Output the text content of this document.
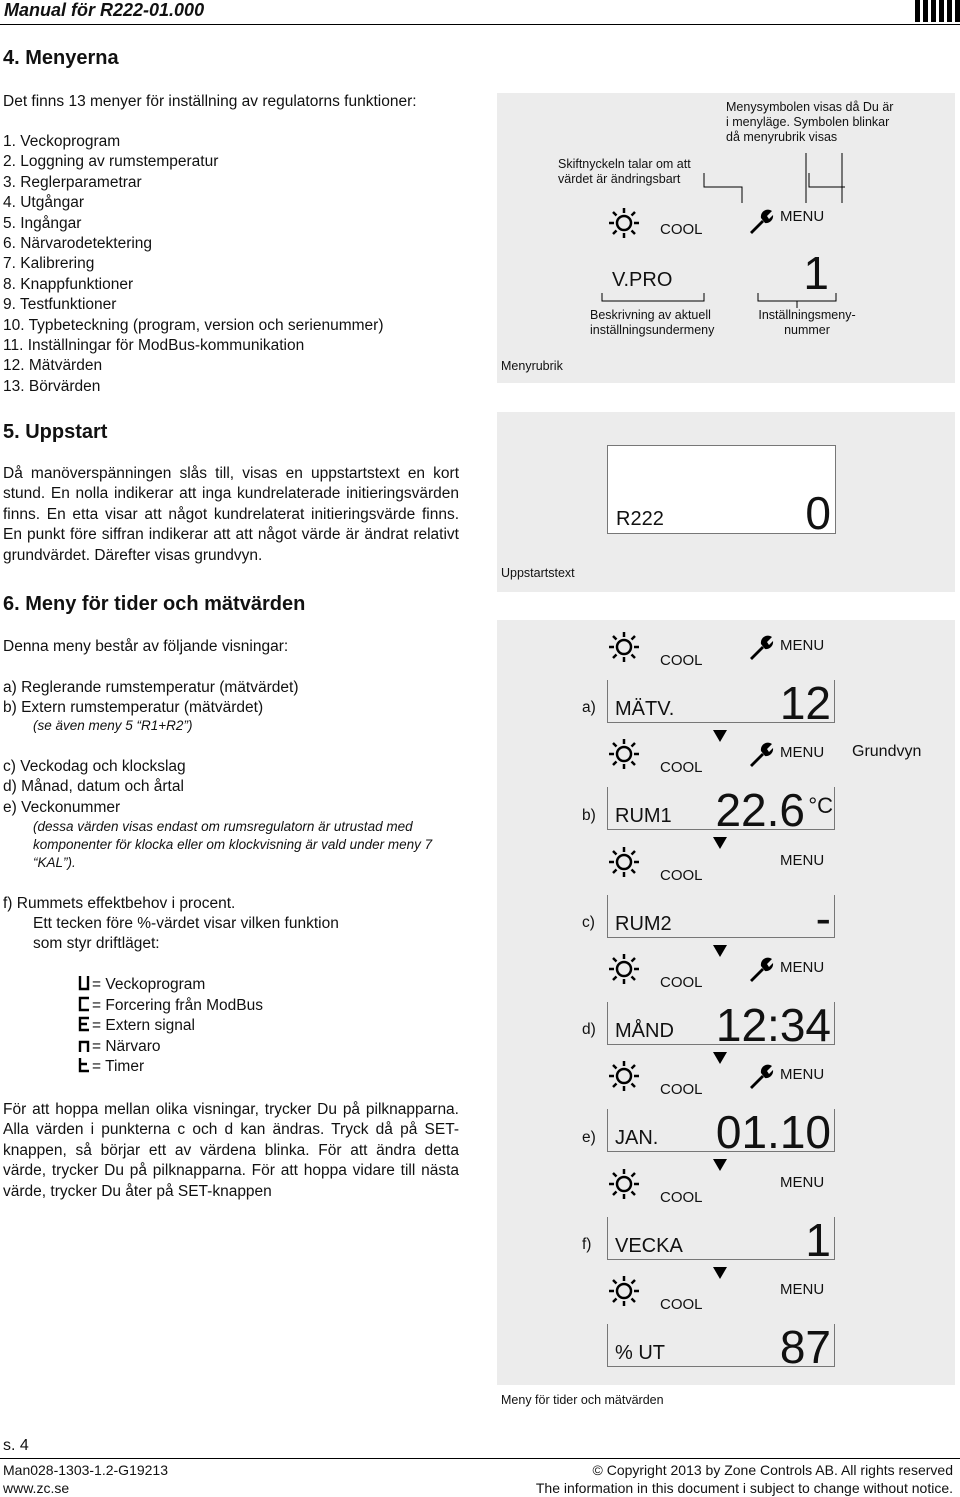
Manual för R222-01.000
4. Menyerna
Det finns 13 menyer för inställning av regulatorns funktioner:
1. Veckoprogram
2. Loggning av rumstemperatur
3. Reglerparametrar
4. Utgångar
5. Ingångar
6. Närvarodetektering
7. Kalibrering
8. Knappfunktioner
9. Testfunktioner
10. Typbeteckning (program, version och serienummer)
11. Inställningar för ModBus-kommunikation
12. Mätvärden
13. Börvärden
Menyrubrik
Skiftnyckeln talar om att värdet är ändringsbart
Menysymbolen visas då Du är i menyläge. Symbolen blinkar då menyrubrik visas
Beskrivning av aktuell inställningsundermeny
Inställningsmeny-nummer
COOL
MENU
V.PRO	1
5. Uppstart
Då manöverspänningen slås till, visas en uppstartstext en kort stund. En nolla indikerar att inga kundrelaterade initieringsvärden finns. En etta visar att något kundrelaterat initieringsvärde finns. En punkt före siffran indikerar att att något värde är ändrat relativt grundvärdet. Därefter visas grundvyn.
Uppstartstext
R222	0
6. Meny för tider och mätvärden
Denna meny består av följande visningar:
a) Reglerande rumstemperatur (mätvärdet)
b) Extern rumstemperatur (mätvärdet)
(se även meny 5 “R1+R2”)
c) Veckodag och klockslag
d) Månad, datum och årtal
e) Veckonummer
(dessa värden visas endast om rumsregulatorn är utrustad med komponenter för klocka eller om klockvisning är vald under meny 7 “KAL”).
f) Rummets effektbehov i procent.
Ett tecken före %-värdet visar vilken funktion
som styr driftläget:
= Veckoprogram
= Forcering från ModBus
= Extern signal
= Närvaro
= Timer
För att hoppa mellan olika visningar, trycker Du på pilknapparna. Alla värden i punkterna c och d kan ändras. Tryck då på SET-knappen, så börjar ett av värdena blinka. För att ändra detta värde, trycker Du på pilknapparna. För att hoppa vidare till nästa värde, trycker Du åter på SET-knappen
Grundvyn
Meny för tider och mätvärden
COOL
MENU
MÄTV. 12
COOL
MENU
RUM1 22.6 °C
a)
COOL
MENU
RUM2	-
b)
COOL
MENU
MÅND 12:34
c)
COOL
MENU
JAN. 01.10
d)
COOL
MENU
VECKA	1
e)
COOL
MENU
% UT 87
f)
s. 4
Man028-1303-1.2-G19213
www.zc.se
© Copyright 2013 by Zone Controls AB. All rights reserved
The information in this document i subject to change without notice.
